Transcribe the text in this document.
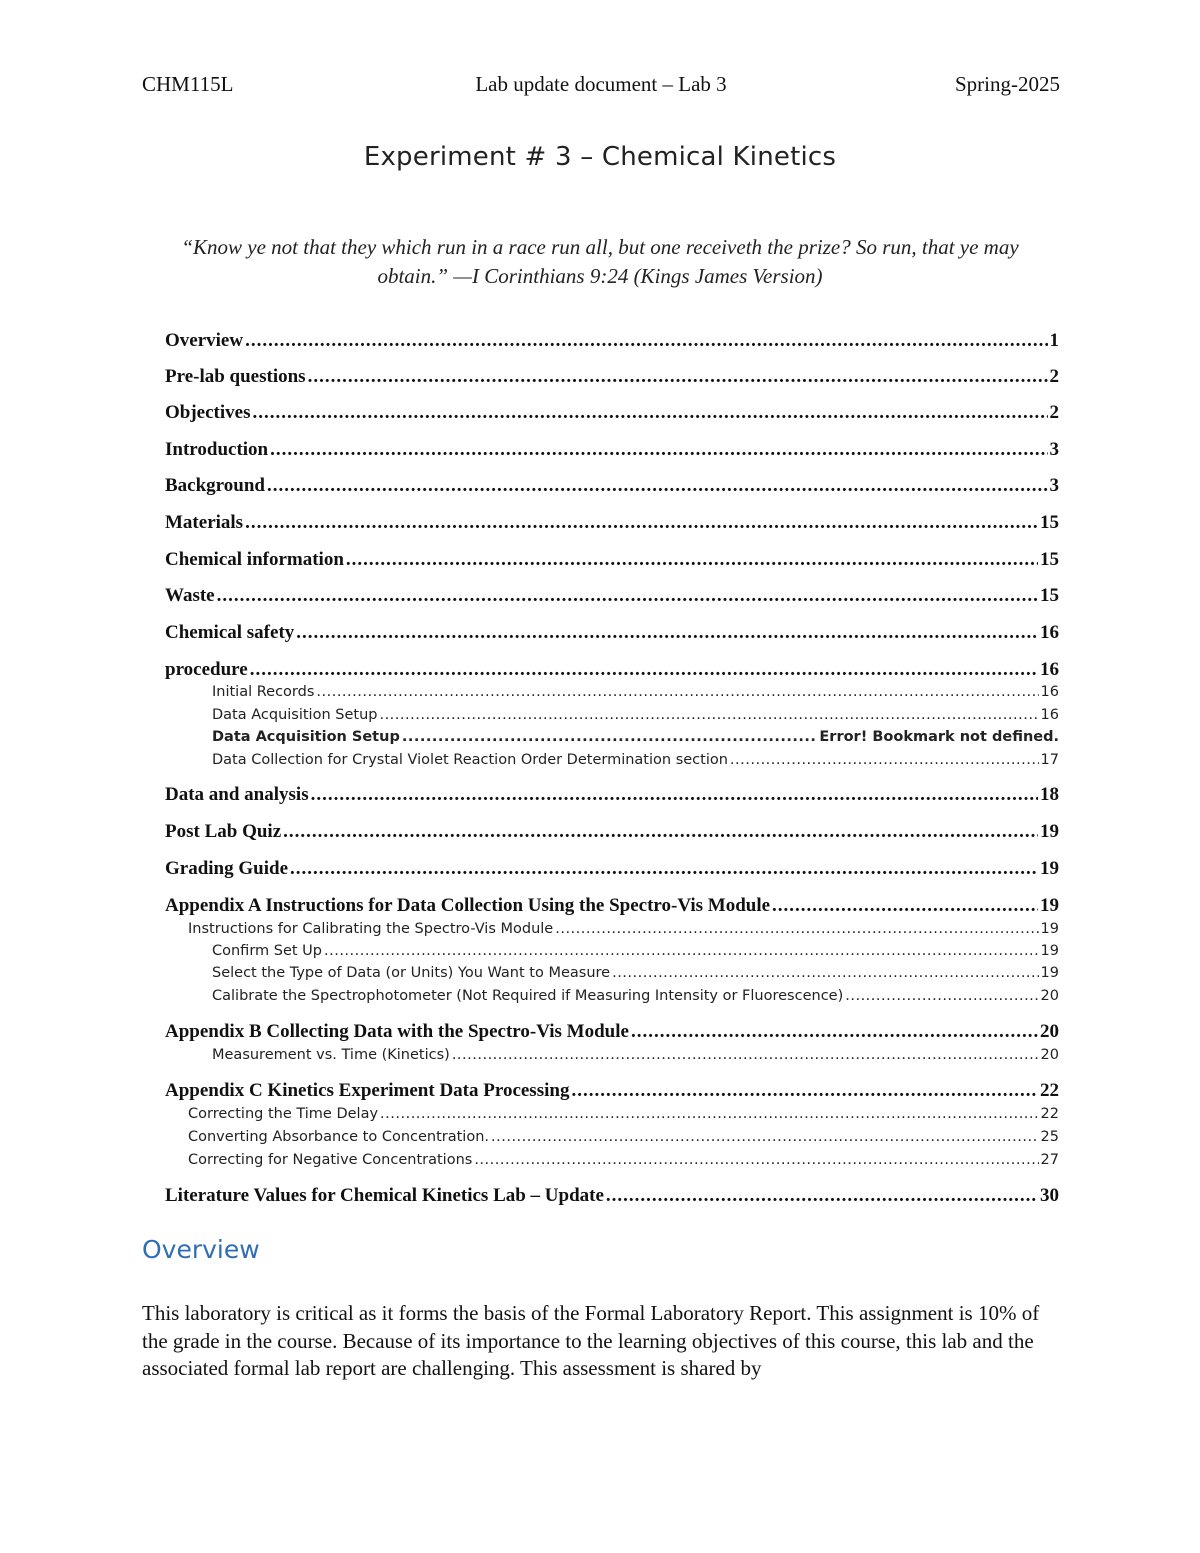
CHM115L	Lab update document – Lab 3	Spring-2025
Experiment # 3 – Chemical Kinetics
“Know ye not that they which run in a race run all, but one receiveth the prize? So run, that ye may obtain.” —I Corinthians 9:24 (Kings James Version)
Overview .....	1
Pre-lab questions .....	2
Objectives .....	2
Introduction .....	3
Background .....	3
Materials .....	15
Chemical information .....	15
Waste .....	15
Chemical safety .....	16
procedure .....	16
Initial Records .....	16
Data Acquisition Setup .....	16
Data Acquisition Setup .....	Error! Bookmark not defined.
Data Collection for Crystal Violet Reaction Order Determination section .....	17
Data and analysis .....	18
Post Lab Quiz .....	19
Grading Guide .....	19
Appendix A Instructions for Data Collection Using the Spectro-Vis Module .....	19
Instructions for Calibrating the Spectro-Vis Module .....	19
Confirm Set Up .....	19
Select the Type of Data (or Units) You Want to Measure .....	19
Calibrate the Spectrophotometer (Not Required if Measuring Intensity or Fluorescence) .....	20
Appendix B Collecting Data with the Spectro-Vis Module .....	20
Measurement vs. Time (Kinetics) .....	20
Appendix C Kinetics Experiment Data Processing .....	22
Correcting the Time Delay .....	22
Converting Absorbance to Concentration. .....	25
Correcting for Negative Concentrations .....	27
Literature Values for Chemical Kinetics Lab – Update .....	30
Overview

This laboratory is critical as it forms the basis of the Formal Laboratory Report. This assignment is 10% of the grade in the course. Because of its importance to the learning objectives of this course, this lab and the associated formal lab report are challenging. This assessment is shared by
